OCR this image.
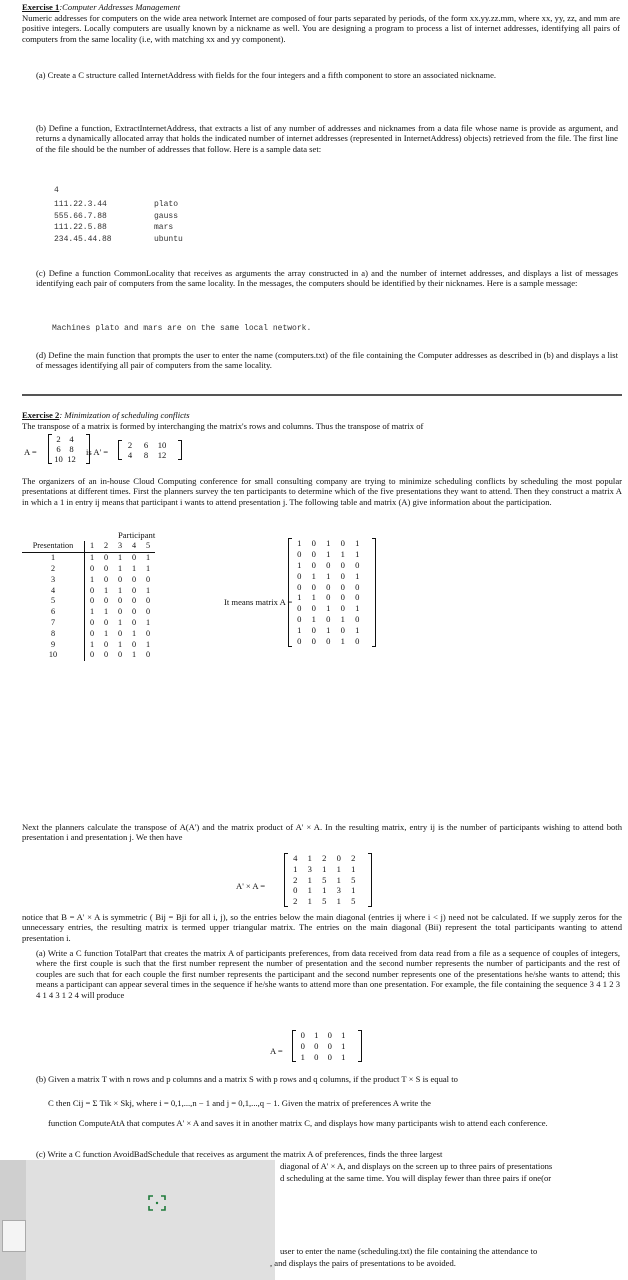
Exercise 1:Computer Addresses Management

Numeric addresses for computers on the wide area network Internet are composed of four parts separated by periods, of the form xx.yy.zz.mm, where xx, yy, zz, and mm are positive integers. Locally computers are usually known by a nickname as well. You are designing a program to process a list of internet addresses, identifying all pairs of computers from the same locality (i.e, with matching xx and yy component).

(a) Create a C structure called InternetAddress with fields for the four integers and a fifth component to store an associated nickname.

(b) Define a function, ExtractInternetAddress, that extracts a list of any number of addresses and nicknames from a data file whose name is provide as argument, and returns a dynamically allocated array that holds the indicated number of internet addresses (represented in InternetAddress) objects) retrieved from the file. The first line of the file should be the number of addresses that follow. Here is a sample data set:

4
111.22.3.44	plato
555.66.7.88	gauss
111.22.5.88	mars
234.45.44.88	ubuntu

(c) Define a function CommonLocality that receives as arguments the array constructed in a) and the number of internet addresses, and displays a list of messages identifying each pair of computers from the same locality. In the messages, the computers should be identified by their nicknames. Here is a sample message:

Machines plato and mars are on the same local network.

(d) Define the main function that prompts the user to enter the name (computers.txt) of the file containing the Computer addresses as described in (b) and displays a list of messages identifying all pair of computers from the same locality.

Exercise 2: Minimization of scheduling conflicts

The transpose of a matrix is formed by interchanging the matrix's rows and columns. Thus the transpose of matrix of

A =
2	4
6	8
10 12
is A' =
2	6	10
4	8	12

The organizers of an in-house Cloud Computing conference for small consulting company are trying to minimize scheduling conflicts by scheduling the most popular presentations at different times. First the planners survey the ten participants to determine which of the five presentations they want to attend. Then they construct a matrix A in which a 1 in entry ij means that participant i wants to attend presentation j. The following table and matrix (A) give information about the participation.

Participant
Presentation	1	2	3	4	5
1	1	0	1	0	1
2	0	0	1	1	1
3	1	0	0	0	0
4	0	1	1	0	1
5	0	0	0	0	0
6	1	1	0	0	0
7	0	0	1	0	1
8	0	1	0	1	0
9	1	0	1	0	1
10	0	0	0	1	0
It means matrix A =
1	0	1	0	1
0	0	1	1	1
1	0	0	0	0
0	1	1	0	1
0	0	0	0	0
1	1	0	0	0
0	0	1	0	1
0	1	0	1	0
1	0	1	0	1
0	0	0	1	0

Next the planners calculate the transpose of A(A') and the matrix product of A' × A. In the resulting matrix, entry ij is the number of participants wishing to attend both presentation i and presentation j. We then have

A' × A =
4	1	2	0	2
1	3	1	1	1
2	1	5	1	5
0	1	1	3	1
2	1	5	1	5

notice that B = A' × A is symmetric ( Bij = Bji for all i, j), so the entries below the main diagonal (entries ij where i < j) need not be calculated. If we supply zeros for the unnecessary entries, the resulting matrix is termed upper triangular matrix. The entries on the main diagonal (Bii) represent the total participants wanting to attend presentation i.

(a) Write a C function TotalPart that creates the matrix A of participants preferences, from data received from data read from a file as a sequence of couples of integers, where the first couple is such that the first number represent the number of presentation and the second number represents the number of participants and the rest of couples are such that for each couple the first number represents the participant and the second number represents one of the presentations he/she wants to attend; this means a participant can appear several times in the sequence if he/she wants to attend more than one presentation. For example, the file containing the sequence 3 4 1 2 3 4 1 4 3 1 2 4 will produce

A =
0	1	0	1
0	0	0	1
1	0	0	1

(b) Given a matrix T with n rows and p columns and a matrix S with p rows and q columns, if the product T × S is equal to

C then Cij = Σ Tik × Skj, where i = 0,1,...,n − 1 and j = 0,1,...,q − 1. Given the matrix of preferences A write the

function ComputeAtA that computes A' × A and saves it in another matrix C, and displays how many participants wish to attend each conference.

(c) Write a C function AvoidBadSchedule that receives as argument the matrix A of preferences, finds the three largest

diagonal of A' × A, and displays on the screen up to three pairs of presentations

d scheduling at the same time. You will display fewer than three pairs if one(or

user to enter the name (scheduling.txt) the file containing the attendance to

, and displays the pairs of presentations to be avoided.
